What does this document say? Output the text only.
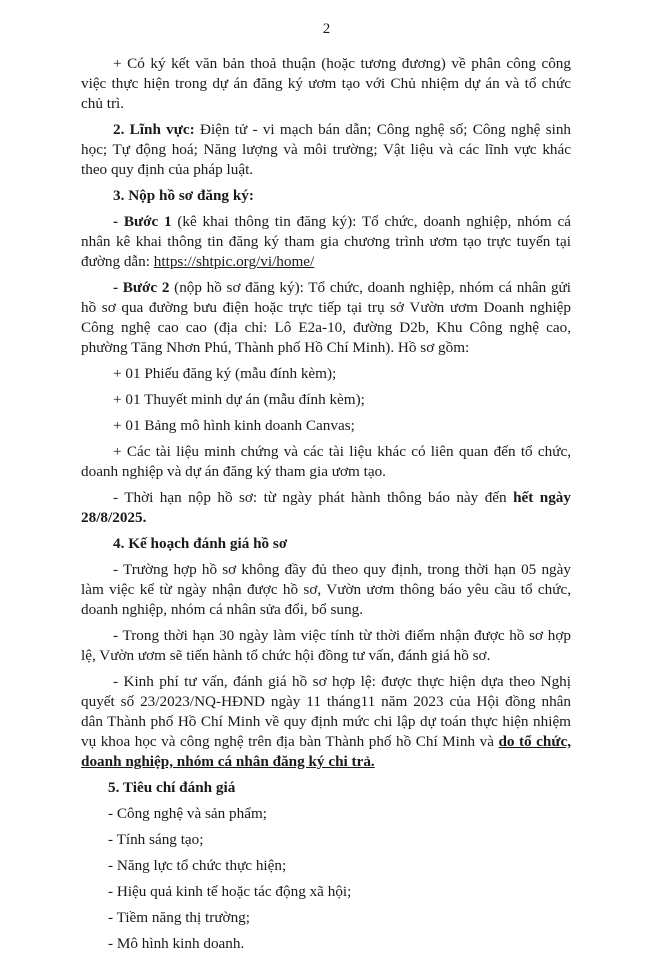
2

+ Có ký kết văn bản thoả thuận (hoặc tương đương) về phân công công việc thực hiện trong dự án đăng ký ươm tạo với Chủ nhiệm dự án và tổ chức chủ trì.

2. Lĩnh vực: Điện tử - vi mạch bán dẫn; Công nghệ số; Công nghệ sinh học; Tự động hoá; Năng lượng và môi trường; Vật liệu và các lĩnh vực khác theo quy định của pháp luật.

3. Nộp hồ sơ đăng ký:

- Bước 1 (kê khai thông tin đăng ký): Tổ chức, doanh nghiệp, nhóm cá nhân kê khai thông tin đăng ký tham gia chương trình ươm tạo trực tuyến tại đường dẫn: https://shtpic.org/vi/home/

- Bước 2 (nộp hồ sơ đăng ký): Tổ chức, doanh nghiệp, nhóm cá nhân gửi hồ sơ qua đường bưu điện hoặc trực tiếp tại trụ sở Vườn ươm Doanh nghiệp Công nghệ cao cao (địa chỉ: Lô E2a-10, đường D2b, Khu Công nghệ cao, phường Tăng Nhơn Phú, Thành phố Hồ Chí Minh). Hồ sơ gồm:

+ 01 Phiếu đăng ký (mẫu đính kèm);

+ 01 Thuyết minh dự án (mẫu đính kèm);

+ 01 Bảng mô hình kinh doanh Canvas;

+ Các tài liệu minh chứng và các tài liệu khác có liên quan đến tổ chức, doanh nghiệp và dự án đăng ký tham gia ươm tạo.

- Thời hạn nộp hồ sơ: từ ngày phát hành thông báo này đến hết ngày 28/8/2025.

4. Kế hoạch đánh giá hồ sơ

- Trường hợp hồ sơ không đầy đủ theo quy định, trong thời hạn 05 ngày làm việc kể từ ngày nhận được hồ sơ, Vườn ươm thông báo yêu cầu tổ chức, doanh nghiệp, nhóm cá nhân sửa đổi, bổ sung.

- Trong thời hạn 30 ngày làm việc tính từ thời điểm nhận được hồ sơ hợp lệ, Vườn ươm sẽ tiến hành tổ chức hội đồng tư vấn, đánh giá hồ sơ.

- Kinh phí tư vấn, đánh giá hồ sơ hợp lệ: được thực hiện dựa theo Nghị quyết số 23/2023/NQ-HĐND ngày 11 tháng11 năm 2023 của Hội đồng nhân dân Thành phố Hồ Chí Minh về quy định mức chi lập dự toán thực hiện nhiệm vụ khoa học và công nghệ trên địa bàn Thành phố hồ Chí Minh và do tổ chức, doanh nghiệp, nhóm cá nhân đăng ký chi trả.

5. Tiêu chí đánh giá

- Công nghệ và sản phẩm;

- Tính sáng tạo;

- Năng lực tổ chức thực hiện;

- Hiệu quả kinh tế hoặc tác động xã hội;

- Tiềm năng thị trường;

- Mô hình kinh doanh.
